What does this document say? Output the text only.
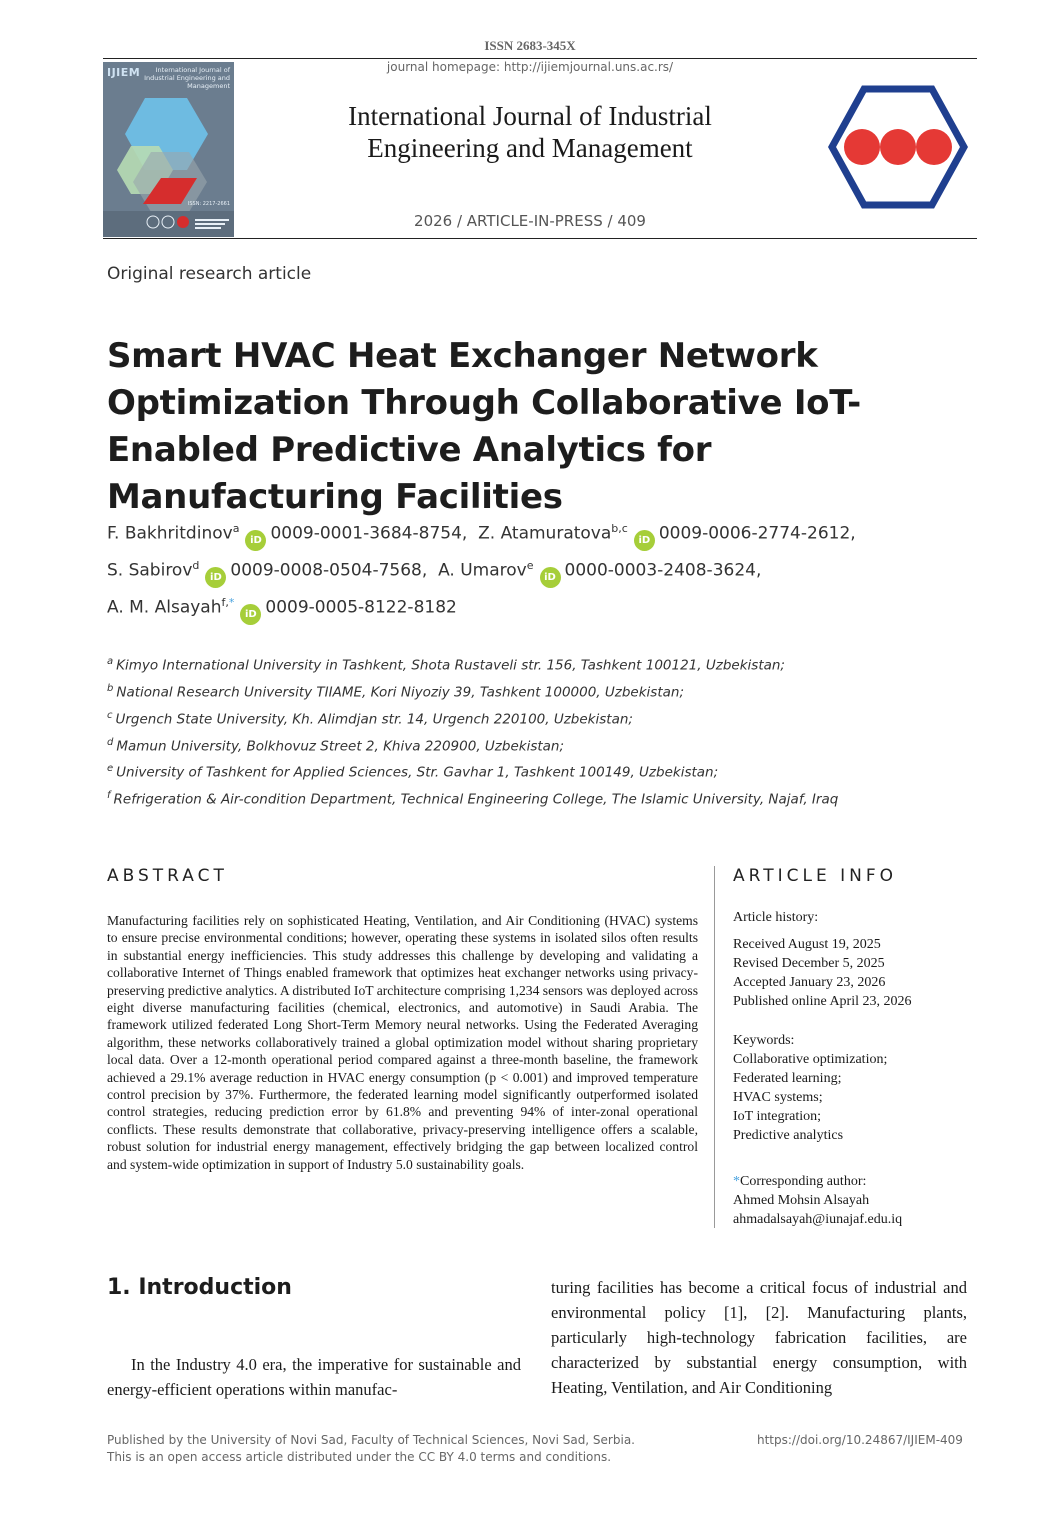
ISSN 2683-345X
journal homepage: http://ijiemjournal.uns.ac.rs/
IJIEM	International Journal of Industrial Engineering and Management
ISSN: 2217-2661
International Journal of Industrial
Engineering and Management
2026 / ARTICLE-IN-PRESS / 409
Original research article
Smart HVAC Heat Exchanger Network Optimization Through Collaborative IoT-Enabled Predictive Analytics for Manufacturing Facilities
F. Bakhritdinov$^a$iD 0009-0001-3684-8754,  Z. Atamuratova$^{b,c}$iD 0009-0006-2774-2612,
S. Sabirov$^d$iD 0009-0008-0504-7568,  A. Umarov$^e$iD 0000-0003-2408-3624,
A. M. Alsayah$^{f,*}$iD 0009-0005-8122-8182
$^a$ Kimyo International University in Tashkent, Shota Rustaveli str. 156, Tashkent 100121, Uzbekistan;
$^b$ National Research University TIIAME, Kori Niyoziy 39, Tashkent 100000, Uzbekistan;
$^c$ Urgench State University, Kh. Alimdjan str. 14, Urgench 220100, Uzbekistan;
$^d$ Mamun University, Bolkhovuz Street 2, Khiva 220900, Uzbekistan;
$^e$ University of Tashkent for Applied Sciences, Str. Gavhar 1, Tashkent 100149, Uzbekistan;
$^f$ Refrigeration & Air-condition Department, Technical Engineering College, The Islamic University, Najaf, Iraq
ABSTRACT	ARTICLE INFO

Manufacturing facilities rely on sophisticated Heating, Ventilation, and Air Conditioning (HVAC) systems to ensure precise environmental conditions; however, operating these systems in isolated silos often results in substantial energy inefficiencies. This study addresses this challenge by developing and validating a collaborative Internet of Things enabled framework that optimizes heat exchanger networks using privacy-preserving predictive analytics. A distributed IoT architecture comprising 1,234 sensors was deployed across eight diverse manufacturing facilities (chemical, electronics, and automotive) in Saudi Arabia. The framework utilized federated Long Short-Term Memory neural networks. Using the Federated Averaging algorithm, these networks collaboratively trained a global optimization model without sharing proprietary local data. Over a 12-month operational period compared against a three-month baseline, the framework achieved a 29.1% average reduction in HVAC energy consumption (p < 0.001) and improved temperature control precision by 37%. Furthermore, the federated learning model significantly outperformed isolated control strategies, reducing prediction error by 61.8% and preventing 94% of inter-zonal operational conflicts. These results demonstrate that collaborative, privacy-preserving intelligence offers a scalable, robust solution for industrial energy management, effectively bridging the gap between localized control and system-wide optimization in support of Industry 5.0 sustainability goals.

Article history:
Received August 19, 2025
Revised December 5, 2025
Accepted January 23, 2026
Published online April 23, 2026
Keywords:
Collaborative optimization;
Federated learning;
HVAC systems;
IoT integration;
Predictive analytics
*Corresponding author:
Ahmed Mohsin Alsayah
ahmadalsayah@iunajaf.edu.iq
1. Introduction

In the Industry 4.0 era, the imperative for sustainable and energy-efficient operations within manufac-

turing facilities has become a critical focus of industrial and environmental policy [1], [2]. Manufacturing plants, particularly high-technology fabrication facilities, are characterized by substantial energy consumption, with Heating, Ventilation, and Air Conditioning

Published by the University of Novi Sad, Faculty of Technical Sciences, Novi Sad, Serbia.
This is an open access article distributed under the CC BY 4.0 terms and conditions.
https://doi.org/10.24867/IJIEM-409
